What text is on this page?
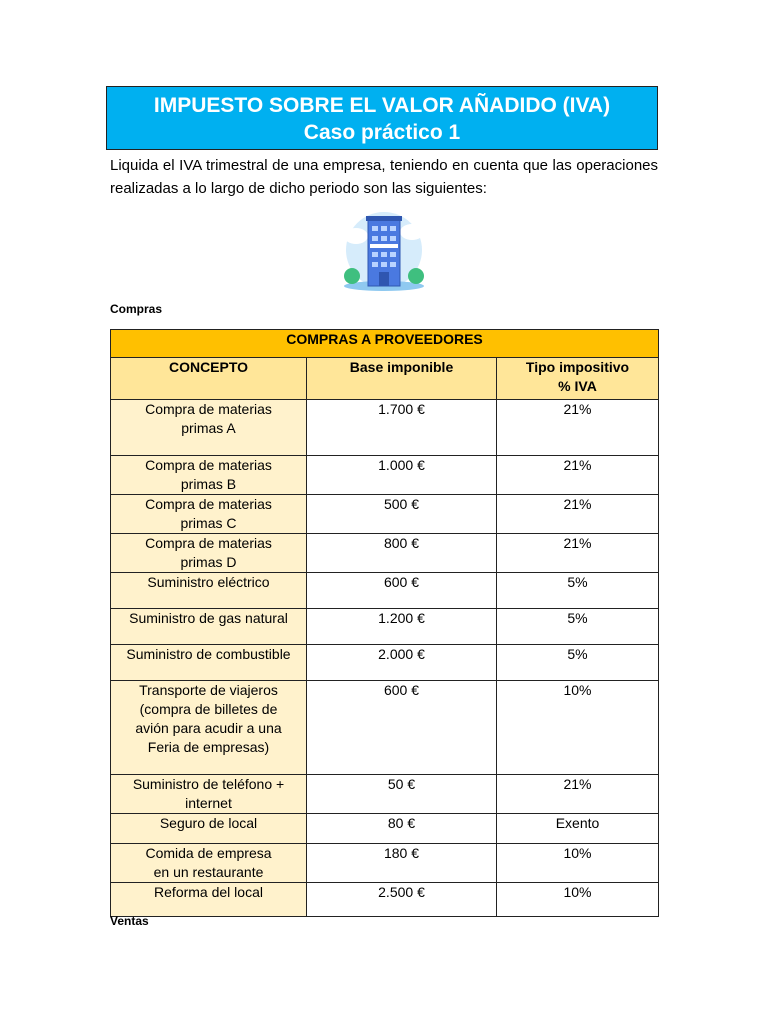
IMPUESTO SOBRE EL VALOR AÑADIDO (IVA)
Caso práctico 1
Liquida el IVA trimestral de una empresa, teniendo en cuenta que las operaciones realizadas a lo largo de dicho periodo son las siguientes:
Compras
COMPRAS A PROVEEDORES		
CONCEPTO	Base imponible	Tipo impositivo
% IVA

Compra de materias
primas A	1.700 €	21%

Compra de materias
primas B	1.000 €	21%

Compra de materias
primas C	500 €	21%

Compra de materias
primas D	800 €	21%

Suministro eléctrico	600 €	5%

Suministro de gas natural	1.200 €	5%

Suministro de combustible	2.000 €	5%

Transporte de viajeros
(compra de billetes de
avión para acudir a una
Feria de empresas)	600 €	10%

Suministro de teléfono +
internet	50 €	21%

Seguro de local	80 €	Exento

Comida de empresa
en un restaurante	180 €	10%

Reforma del local	2.500 €	10%
Ventas
